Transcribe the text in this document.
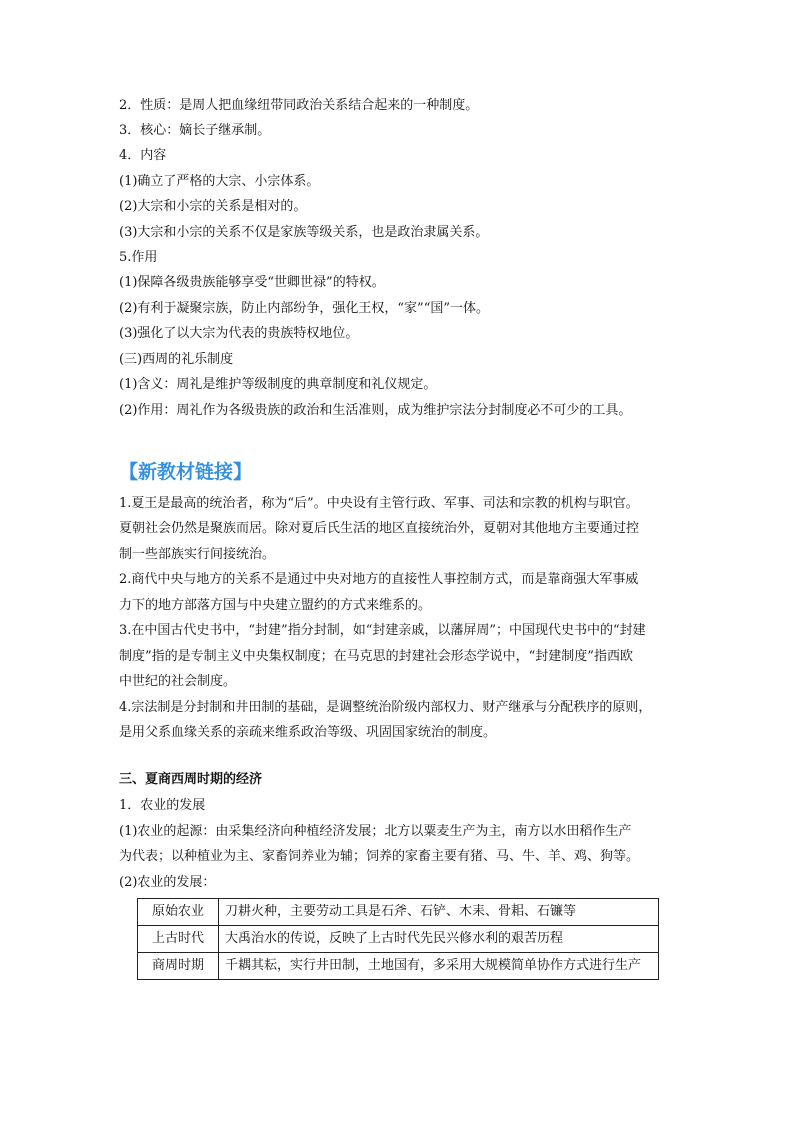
2．性质：是周人把血缘纽带同政治关系结合起来的一种制度。
3．核心：嫡长子继承制。
4．内容
(1)确立了严格的大宗、小宗体系。
(2)大宗和小宗的关系是相对的。
(3)大宗和小宗的关系不仅是家族等级关系，也是政治隶属关系。
5.作用
(1)保障各级贵族能够享受“世卿世禄”的特权。
(2)有利于凝聚宗族，防止内部纷争，强化王权，“家”“国”一体。
(3)强化了以大宗为代表的贵族特权地位。
(三)西周的礼乐制度
(1)含义：周礼是维护等级制度的典章制度和礼仪规定。
(2)作用：周礼作为各级贵族的政治和生活准则，成为维护宗法分封制度必不可少的工具。
【新教材链接】
1.夏王是最高的统治者，称为“后”。中央设有主管行政、军事、司法和宗教的机构与职官。
夏朝社会仍然是聚族而居。除对夏后氏生活的地区直接统治外，夏朝对其他地方主要通过控
制一些部族实行间接统治。
2.商代中央与地方的关系不是通过中央对地方的直接性人事控制方式，而是靠商强大军事威
力下的地方部落方国与中央建立盟约的方式来维系的。
3.在中国古代史书中，“封建”指分封制，如“封建亲戚，以藩屏周”；中国现代史书中的“封建
制度”指的是专制主义中央集权制度；在马克思的封建社会形态学说中，“封建制度”指西欧
中世纪的社会制度。
4.宗法制是分封制和井田制的基础，是调整统治阶级内部权力、财产继承与分配秩序的原则，
是用父系血缘关系的亲疏来维系政治等级、巩固国家统治的制度。
三、夏商西周时期的经济
1．农业的发展
(1)农业的起源：由采集经济向种植经济发展；北方以粟麦生产为主，南方以水田稻作生产
为代表；以种植业为主、家畜饲养业为辅；饲养的家畜主要有猪、马、牛、羊、鸡、狗等。
(2)农业的发展：
原始农业	刀耕火种，主要劳动工具是石斧、石铲、木耒、骨耜、石镰等
上古时代	大禹治水的传说，反映了上古时代先民兴修水利的艰苦历程
商周时期	千耦其耘，实行井田制，土地国有，多采用大规模简单协作方式进行生产
